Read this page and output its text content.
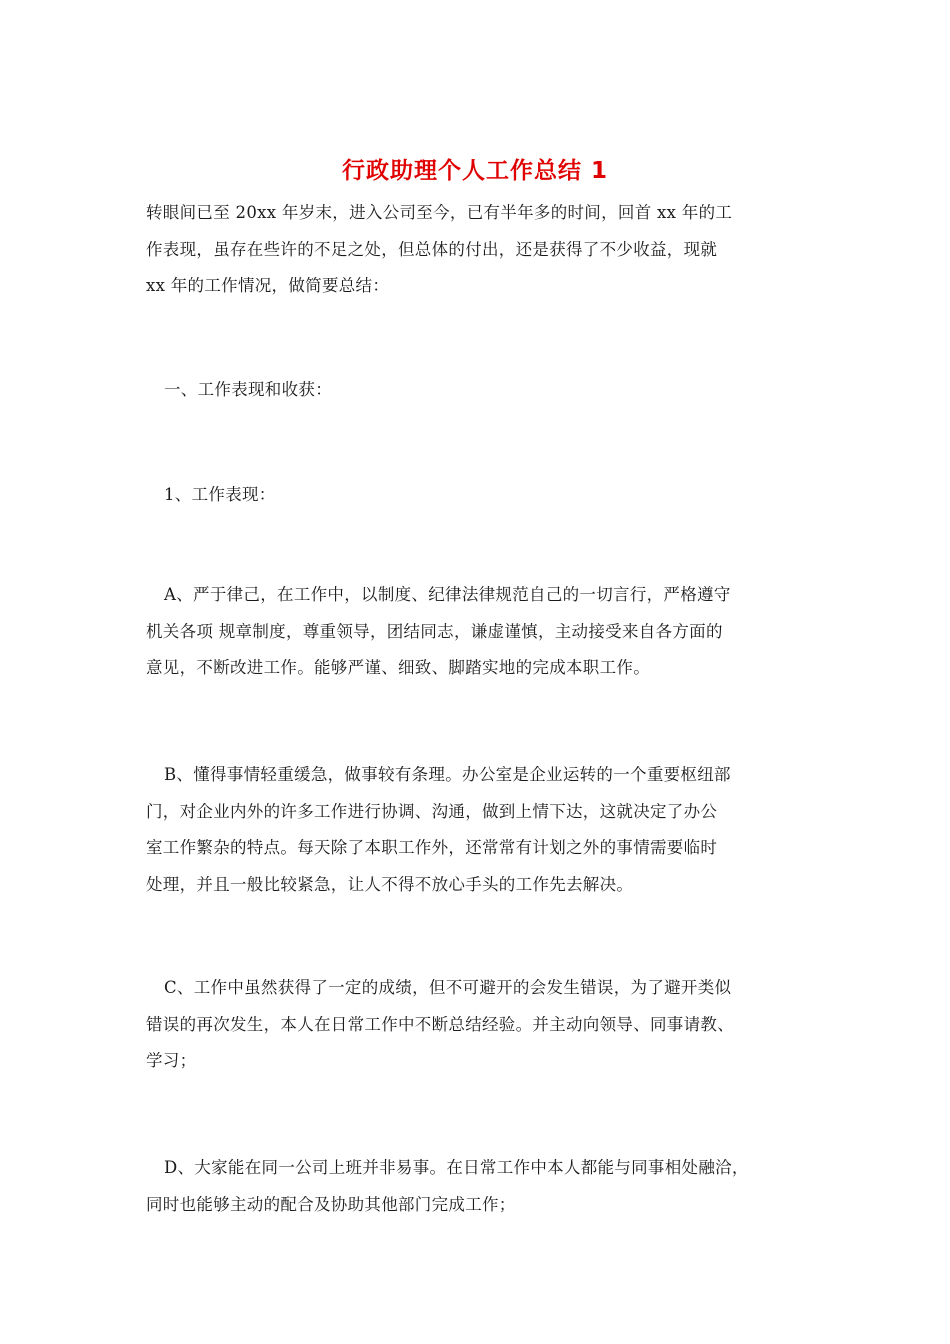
行政助理个人工作总结 1
转眼间已至 20xx 年岁末，进入公司至今，已有半年多的时间，回首 xx 年的工
作表现，虽存在些许的不足之处，但总体的付出，还是获得了不少收益，现就
xx 年的工作情况，做简要总结：
一、工作表现和收获：
1、工作表现：
A、严于律己，在工作中，以制度、纪律法律规范自己的一切言行，严格遵守
机关各项 规章制度，尊重领导，团结同志，谦虚谨慎，主动接受来自各方面的
意见，不断改进工作。能够严谨、细致、脚踏实地的完成本职工作。
B、懂得事情轻重缓急，做事较有条理。办公室是企业运转的一个重要枢纽部
门，对企业内外的许多工作进行协调、沟通，做到上情下达，这就决定了办公
室工作繁杂的特点。每天除了本职工作外，还常常有计划之外的事情需要临时
处理，并且一般比较紧急，让人不得不放心手头的工作先去解决。
C、工作中虽然获得了一定的成绩，但不可避开的会发生错误，为了避开类似
错误的再次发生，本人在日常工作中不断总结经验。并主动向领导、同事请教、
学习；
D、大家能在同一公司上班并非易事。在日常工作中本人都能与同事相处融洽，
同时也能够主动的配合及协助其他部门完成工作；
